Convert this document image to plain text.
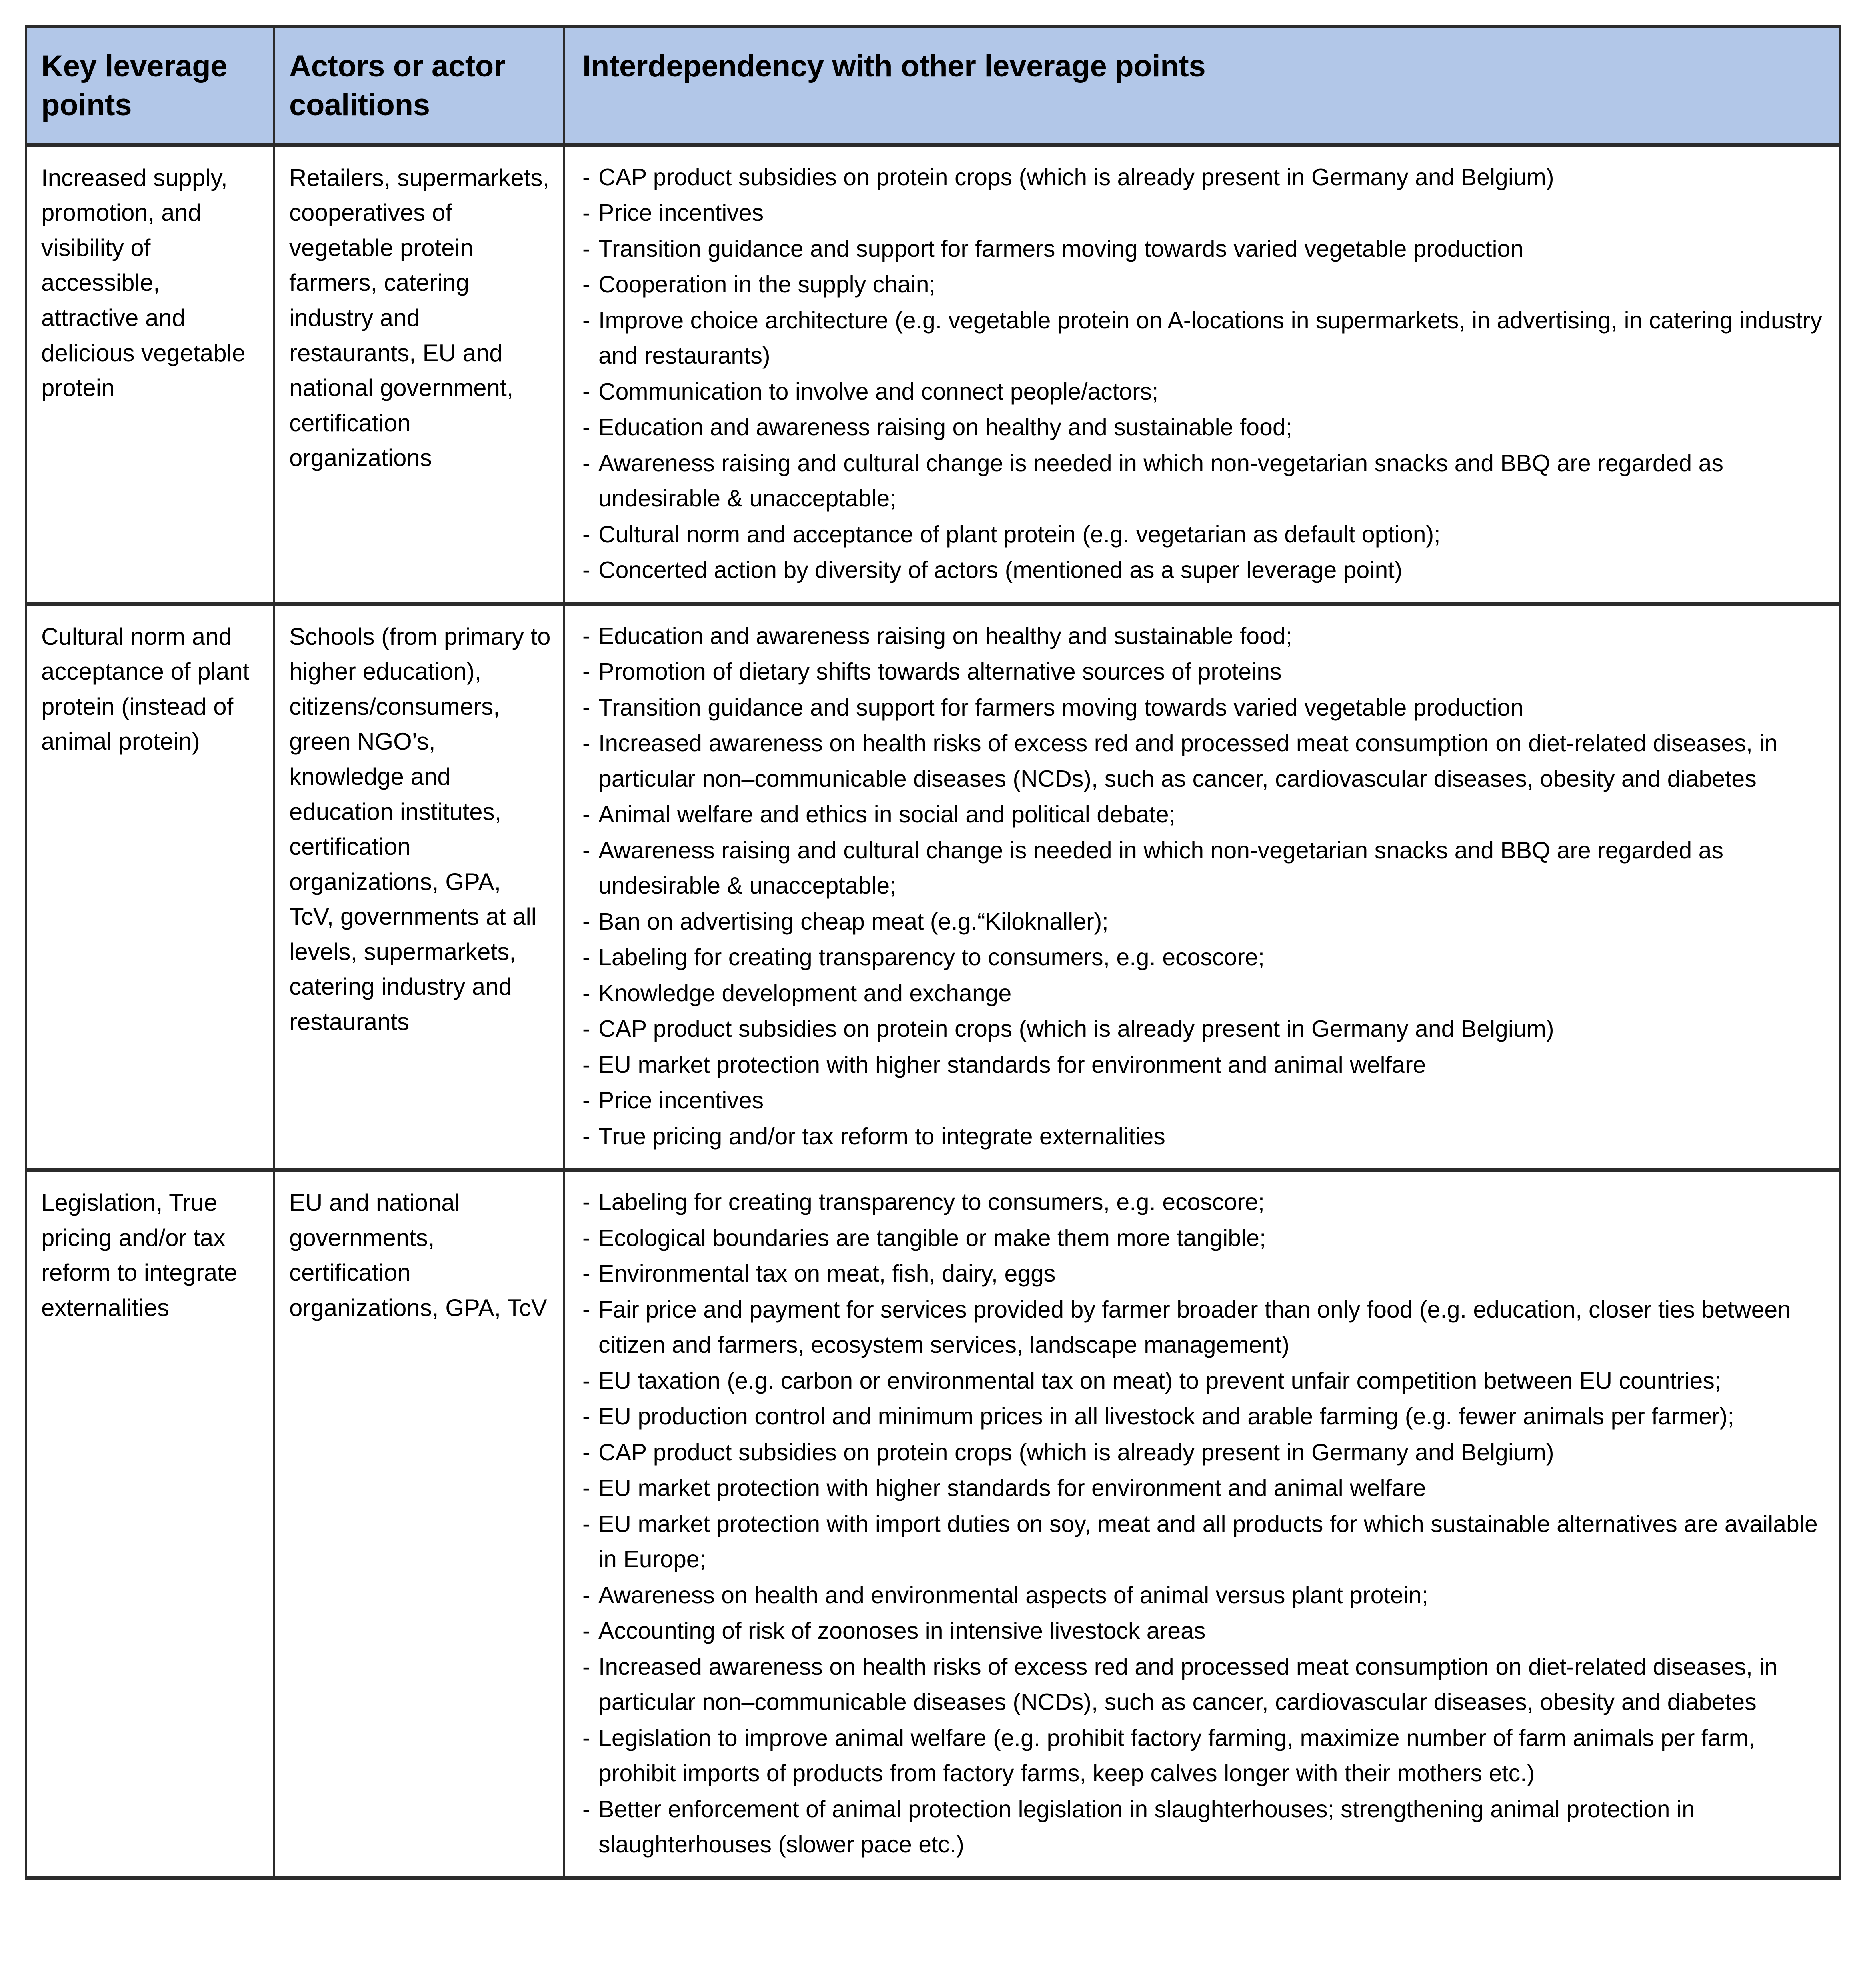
Key leverage points	Actors or actor coalitions	Interdependency with other leverage points
Increased supply, promotion, and visibility of accessible, attractive and delicious vegetable protein	Retailers, supermarkets, cooperatives of vegetable protein farmers, catering industry and restaurants, EU and national government, certification organizations	
- CAP product subsidies on protein crops (which is already present in Germany and Belgium)
- Price incentives
- Transition guidance and support for farmers moving towards varied vegetable production
- Cooperation in the supply chain;
- Improve choice architecture (e.g. vegetable protein on A-locations in supermarkets, in advertising, in catering industry and restaurants)
- Communication to involve and connect people/actors;
- Education and awareness raising on healthy and sustainable food;
- Awareness raising and cultural change is needed in which non-vegetarian snacks and BBQ are regarded as undesirable & unacceptable;
- Cultural norm and acceptance of plant protein (e.g. vegetarian as default option);
- Concerted action by diversity of actors (mentioned as a super leverage point)

Cultural norm and acceptance of plant protein (instead of animal protein)	Schools (from primary to higher education), citizens/consumers, green NGO’s, knowledge and education institutes, certification organizations, GPA, TcV, governments at all levels, supermarkets, catering industry and restaurants	
- Education and awareness raising on healthy and sustainable food;
- Promotion of dietary shifts towards alternative sources of proteins
- Transition guidance and support for farmers moving towards varied vegetable production
- Increased awareness on health risks of excess red and processed meat consumption on diet-related diseases, in particular non–communicable diseases (NCDs), such as cancer, cardiovascular diseases, obesity and diabetes
- Animal welfare and ethics in social and political debate;
- Awareness raising and cultural change is needed in which non-vegetarian snacks and BBQ are regarded as undesirable & unacceptable;
- Ban on advertising cheap meat (e.g.“Kiloknaller);
- Labeling for creating transparency to consumers, e.g. ecoscore;
- Knowledge development and exchange
- CAP product subsidies on protein crops (which is already present in Germany and Belgium)
- EU market protection with higher standards for environment and animal welfare
- Price incentives
- True pricing and/or tax reform to integrate externalities

Legislation, True pricing and/or tax reform to integrate externalities	EU and national governments, certification organizations, GPA, TcV	
- Labeling for creating transparency to consumers, e.g. ecoscore;
- Ecological boundaries are tangible or make them more tangible;
- Environmental tax on meat, fish, dairy, eggs
- Fair price and payment for services provided by farmer broader than only food (e.g. education, closer ties between citizen and farmers, ecosystem services, landscape management)
- EU taxation (e.g. carbon or environmental tax on meat) to prevent unfair competition between EU countries;
- EU production control and minimum prices in all livestock and arable farming (e.g. fewer animals per farmer);
- CAP product subsidies on protein crops (which is already present in Germany and Belgium)
- EU market protection with higher standards for environment and animal welfare
- EU market protection with import duties on soy, meat and all products for which sustainable alternatives are available in Europe;
- Awareness on health and environmental aspects of animal versus plant protein;
- Accounting of risk of zoonoses in intensive livestock areas
- Increased awareness on health risks of excess red and processed meat consumption on diet-related diseases, in particular non–communicable diseases (NCDs), such as cancer, cardiovascular diseases, obesity and diabetes
- Legislation to improve animal welfare (e.g. prohibit factory farming, maximize number of farm animals per farm, prohibit imports of products from factory farms, keep calves longer with their mothers etc.)
- Better enforcement of animal protection legislation in slaughterhouses; strengthening animal protection in slaughterhouses (slower pace etc.)
